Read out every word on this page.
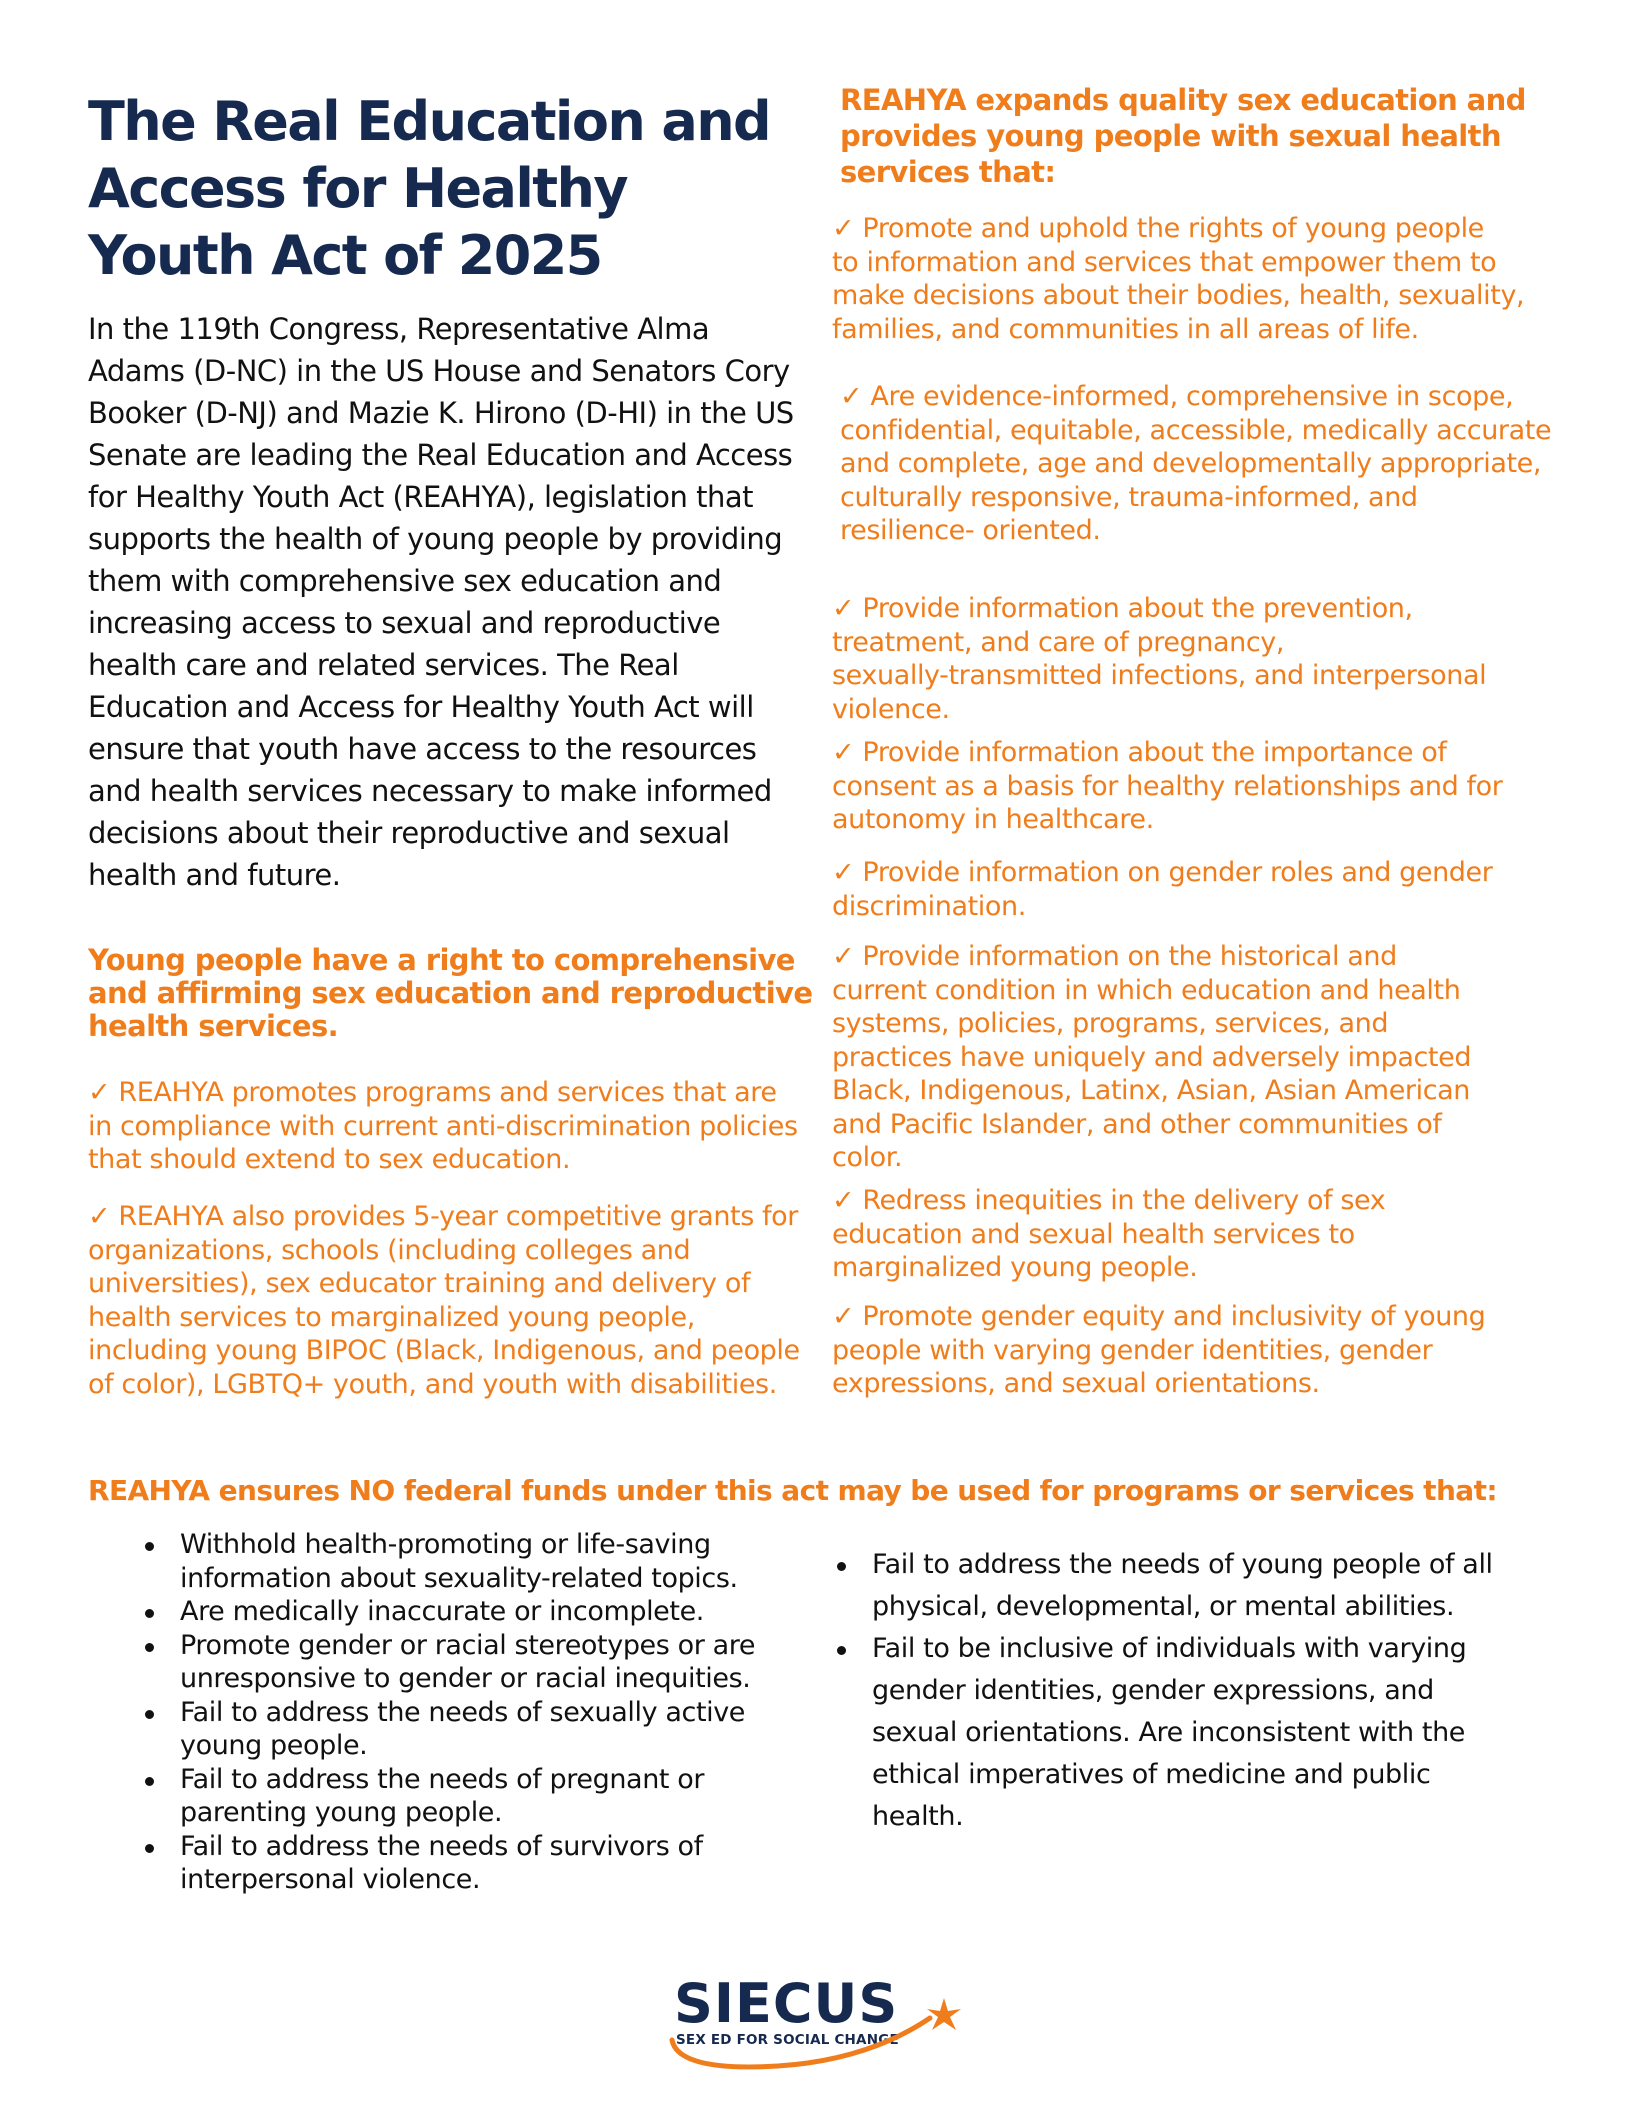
The Real Education and
Access for Healthy
Youth Act of 2025
In the 119th Congress, Representative Alma
Adams (D-NC) in the US House and Senators Cory
Booker (D-NJ) and Mazie K. Hirono (D-HI) in the US
Senate are leading the Real Education and Access
for Healthy Youth Act (REAHYA), legislation that
supports the health of young people by providing
them with comprehensive sex education and
increasing access to sexual and reproductive
health care and related services. The Real
Education and Access for Healthy Youth Act will
ensure that youth have access to the resources
and health services necessary to make informed
decisions about their reproductive and sexual
health and future.
Young people have a right to comprehensive
and affirming sex education and reproductive
health services.
✓ REAHYA promotes programs and services that are
in compliance with current anti-discrimination policies
that should extend to sex education.
✓ REAHYA also provides 5-year competitive grants for
organizations, schools (including colleges and
universities), sex educator training and delivery of
health services to marginalized young people,
including young BIPOC (Black, Indigenous, and people
of color), LGBTQ+ youth, and youth with disabilities.
REAHYA expands quality sex education and
provides young people with sexual health
services that:
✓ Promote and uphold the rights of young people
to information and services that empower them to
make decisions about their bodies, health, sexuality,
families, and communities in all areas of life.
✓ Are evidence-informed, comprehensive in scope,
confidential, equitable, accessible, medically accurate
and complete, age and developmentally appropriate,
culturally responsive, trauma-informed, and
resilience- oriented.
✓ Provide information about the prevention,
treatment, and care of pregnancy,
sexually-transmitted infections, and interpersonal
violence.
✓ Provide information about the importance of
consent as a basis for healthy relationships and for
autonomy in healthcare.
✓ Provide information on gender roles and gender
discrimination.
✓ Provide information on the historical and
current condition in which education and health
systems, policies, programs, services, and
practices have uniquely and adversely impacted
Black, Indigenous, Latinx, Asian, Asian American
and Pacific Islander, and other communities of
color.
✓ Redress inequities in the delivery of sex
education and sexual health services to
marginalized young people.
✓ Promote gender equity and inclusivity of young
people with varying gender identities, gender
expressions, and sexual orientations.
REAHYA ensures NO federal funds under this act may be used for programs or services that:
Withhold health-promoting or life-saving
information about sexuality-related topics.
Are medically inaccurate or incomplete.
Promote gender or racial stereotypes or are
unresponsive to gender or racial inequities.
Fail to address the needs of sexually active
young people.
Fail to address the needs of pregnant or
parenting young people.
Fail to address the needs of survivors of
interpersonal violence.
Fail to address the needs of young people of all
physical, developmental, or mental abilities.
Fail to be inclusive of individuals with varying
gender identities, gender expressions, and
sexual orientations. Are inconsistent with the
ethical imperatives of medicine and public
health.
SIECUS
SEX ED FOR SOCIAL CHANGE
